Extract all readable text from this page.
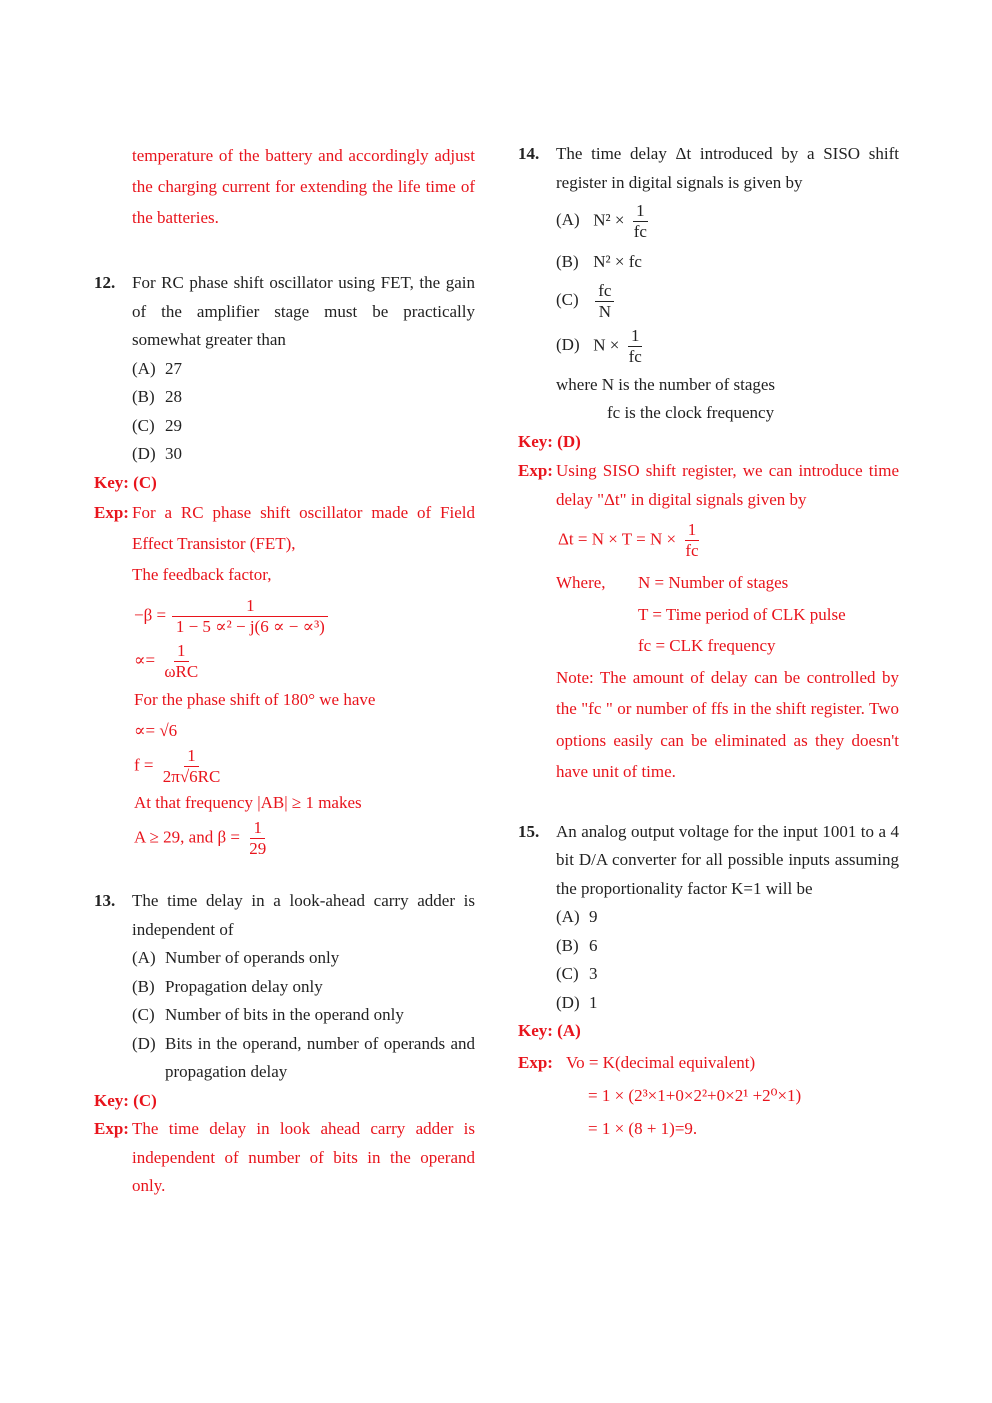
temperature of the battery and accordingly adjust the charging current for extending the life time of the batteries.
12. For RC phase shift oscillator using FET, the gain of the amplifier stage must be practically somewhat greater than
(A) 27
(B) 28
(C) 29
(D) 30
Key: (C)
Exp: For a RC phase shift oscillator made of Field Effect Transistor (FET),
The feedback factor,
$-\beta = \frac{1}{\text{1 − 5 ∝² − j(6 ∝ − ∝³)}}$
∝= $\frac{1}{\text{ωRC}}$
For the phase shift of 180° we have
∝= √6
$f = \frac{1}{2\pi√6RC}$
At that frequency |AB| ≥ 1 makes
A ≥ 29, and $\beta = \frac{1}{29}$
13. The time delay in a look-ahead carry adder is independent of
(A) Number of operands only
(B) Propagation delay only
(C) Number of bits in the operand only
(D) Bits in the operand, number of operands and propagation delay
Key: (C)
Exp: The time delay in look ahead carry adder is independent of number of bits in the operand only.
14. The time delay Δt introduced by a SISO shift register in digital signals is given by
(A) $N^2 \times \frac{1}{fc}$
(B) N² × fc
$(C) \frac{fc}{N}$
(D) $N \times \frac{1}{fc}$
where N is the number of stages
fc is the clock frequency
Key: (D)
Exp: Using SISO shift register, we can introduce time delay "Δt" in digital signals given by
$\Delta t = N \times T = N \times \frac{1}{fc}$
Where, N = Number of stages
T = Time period of CLK pulse
fc = CLK frequency
Note: The amount of delay can be controlled by the "fc " or number of ffs in the shift register. Two options easily can be eliminated as they doesn't have unit of time.
15. An analog output voltage for the input 1001 to a 4 bit D/A converter for all possible inputs assuming the proportionality factor K=1 will be
(A) 9
(B) 6
(C) 3
(D) 1
Key: (A)
Exp: Vo = K(decimal equivalent)
= 1 × (2³×1+0×2²+0×2¹ +2⁰×1)
= 1 × (8 + 1)=9.
